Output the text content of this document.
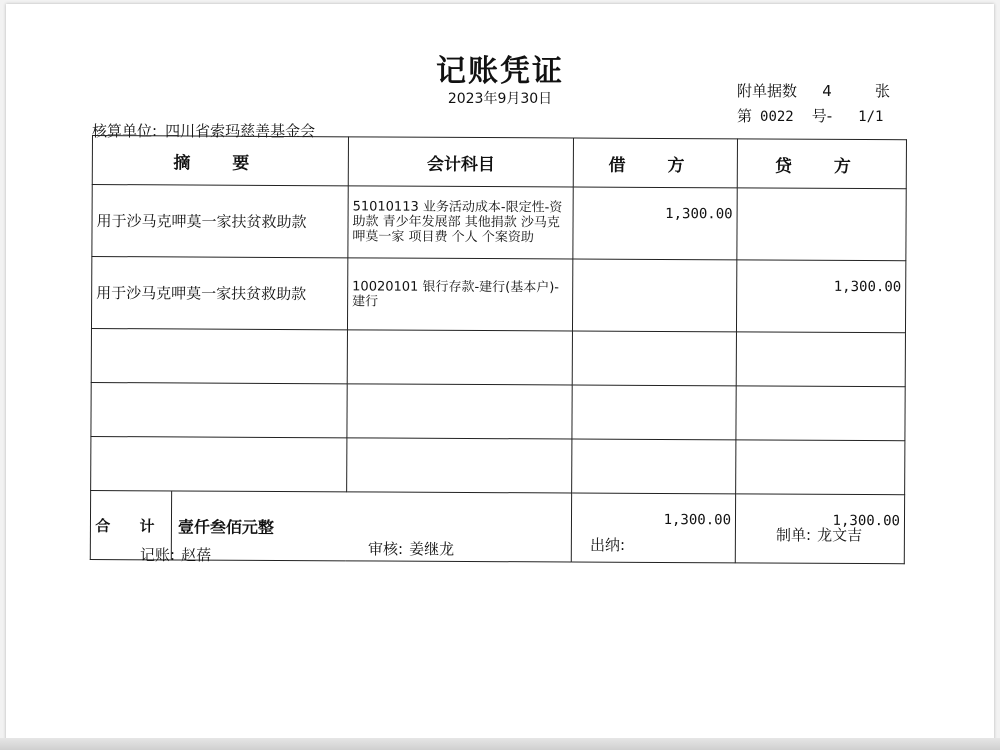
记账凭证
2023年9月30日	附单据数 4	张
第 0022 号- 1/1
核算单位: 四川省索玛慈善基金会
摘 要	会计科目	借 方	贷 方
用于沙马克呷莫一家扶贫救助款	51010113 业务活动成本-限定性-资助款 青少年发展部 其他捐款 沙马克呷莫一家 项目费 个人 个案资助	1,300.00	
用于沙马克呷莫一家扶贫救助款	10020101 银行存款-建行(基本户)-建行		1,300.00

合 计 壹仟叁佰元整		1,300.00	1,300.00
记账: 赵蓓	审核: 姜继龙	出纳:
制单: 龙文吉
